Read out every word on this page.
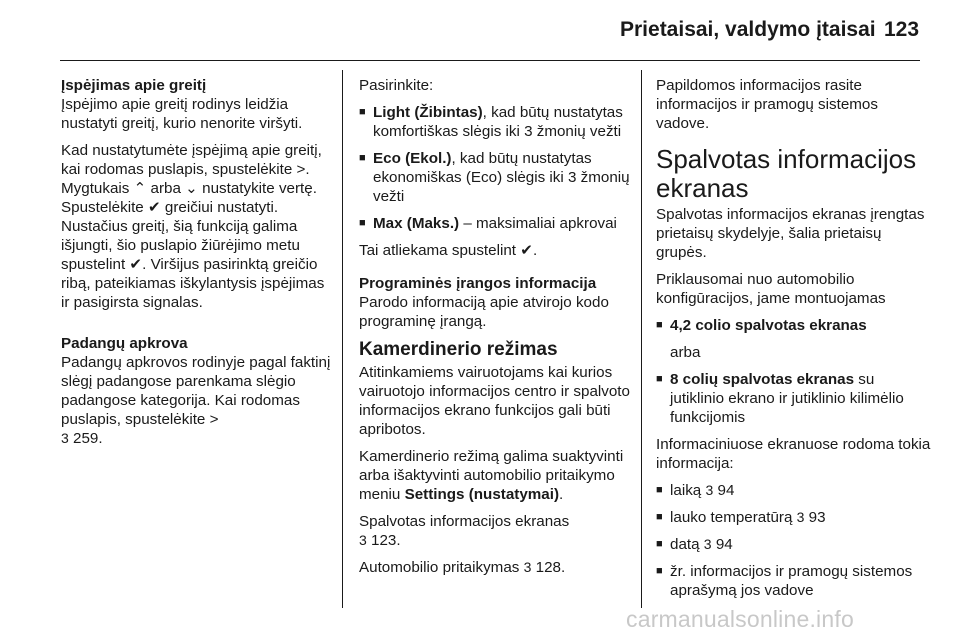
Prietaisai, valdymo įtaisai 123

Įspėjimas apie greitį

Įspėjimo apie greitį rodinys leidžia nustatyti greitį, kurio nenorite viršyti.

Kad nustatytumėte įspėjimą apie greitį, kai rodomas puslapis, spustelėkite >. Mygtukais ⌃ arba ⌄ nustatykite vertę. Spustelėkite ✔ greičiui nustatyti. Nustačius greitį, šią funkciją galima išjungti, šio puslapio žiūrėjimo metu spustelint ✔. Viršijus pasirinktą greičio ribą, pateikiamas iškylantysis įspėjimas ir pasigirsta signalas.

Padangų apkrova

Padangų apkrovos rodinyje pagal faktinį slėgį padangose parenkama slėgio padangose kategorija. Kai rodomas puslapis, spustelėkite >
3 259.

Pasirinkite:

■ Light (Žibintas), kad būtų nustatytas komfortiškas slėgis iki 3 žmonių vežti
■ Eco (Ekol.), kad būtų nustatytas ekonomiškas (Eco) slėgis iki 3 žmonių vežti
■ Max (Maks.) – maksimaliai apkrovai

Tai atliekama spustelint ✔.

Programinės įrangos informacija

Parodo informaciją apie atvirojo kodo programinę įrangą.

Kamerdinerio režimas

Atitinkamiems vairuotojams kai kurios vairuotojo informacijos centro ir spalvoto informacijos ekrano funkcijos gali būti apribotos.

Kamerdinerio režimą galima suaktyvinti arba išaktyvinti automobilio pritaikymo meniu Settings (nustatymai).

Spalvotas informacijos ekranas
3 123.

Automobilio pritaikymas 3 128.

Papildomos informacijos rasite informacijos ir pramogų sistemos vadove.

Spalvotas informacijos ekranas

Spalvotas informacijos ekranas įrengtas prietaisų skydelyje, šalia prietaisų grupės.

Priklausomai nuo automobilio konfigūracijos, jame montuojamas

■ 4,2 colio spalvotas ekranas

arba

■ 8 colių spalvotas ekranas su jutiklinio ekrano ir jutiklinio kilimėlio funkcijomis

Informaciniuose ekranuose rodoma tokia informacija:

■ laiką 3 94
■ lauko temperatūrą 3 93
■ datą 3 94
■ žr. informacijos ir pramogų sistemos aprašymą jos vadove
carmanualsonline.info
